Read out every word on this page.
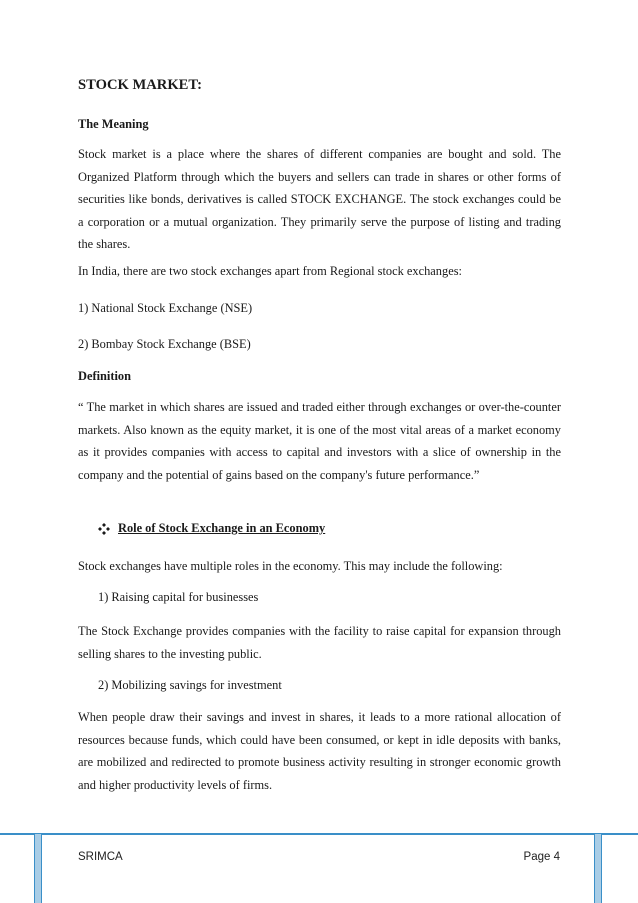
STOCK MARKET:

The Meaning

Stock market is a place where the shares of different companies are bought and sold. The Organized Platform through which the buyers and sellers can trade in shares or other forms of securities like bonds, derivatives is called STOCK EXCHANGE. The stock exchanges could be a corporation or a mutual organization. They primarily serve the purpose of listing and trading the shares.

In India, there are two stock exchanges apart from Regional stock exchanges:

1) National Stock Exchange (NSE)

2) Bombay Stock Exchange (BSE)

Definition

“ The market in which shares are issued and traded either through exchanges or over-the-counter markets. Also known as the equity market, it is one of the most vital areas of a market economy as it provides companies with access to capital and investors with a slice of ownership in the company and the potential of gains based on the company's future performance.”

Role of Stock Exchange in an Economy

Stock exchanges have multiple roles in the economy. This may include the following:

1) Raising capital for businesses

The Stock Exchange provides companies with the facility to raise capital for expansion through selling shares to the investing public.

2) Mobilizing savings for investment

When people draw their savings and invest in shares, it leads to a more rational allocation of resources because funds, which could have been consumed, or kept in idle deposits with banks, are mobilized and redirected to promote business activity resulting in stronger economic growth and higher productivity levels of firms.

SRIMCA	Page 4
